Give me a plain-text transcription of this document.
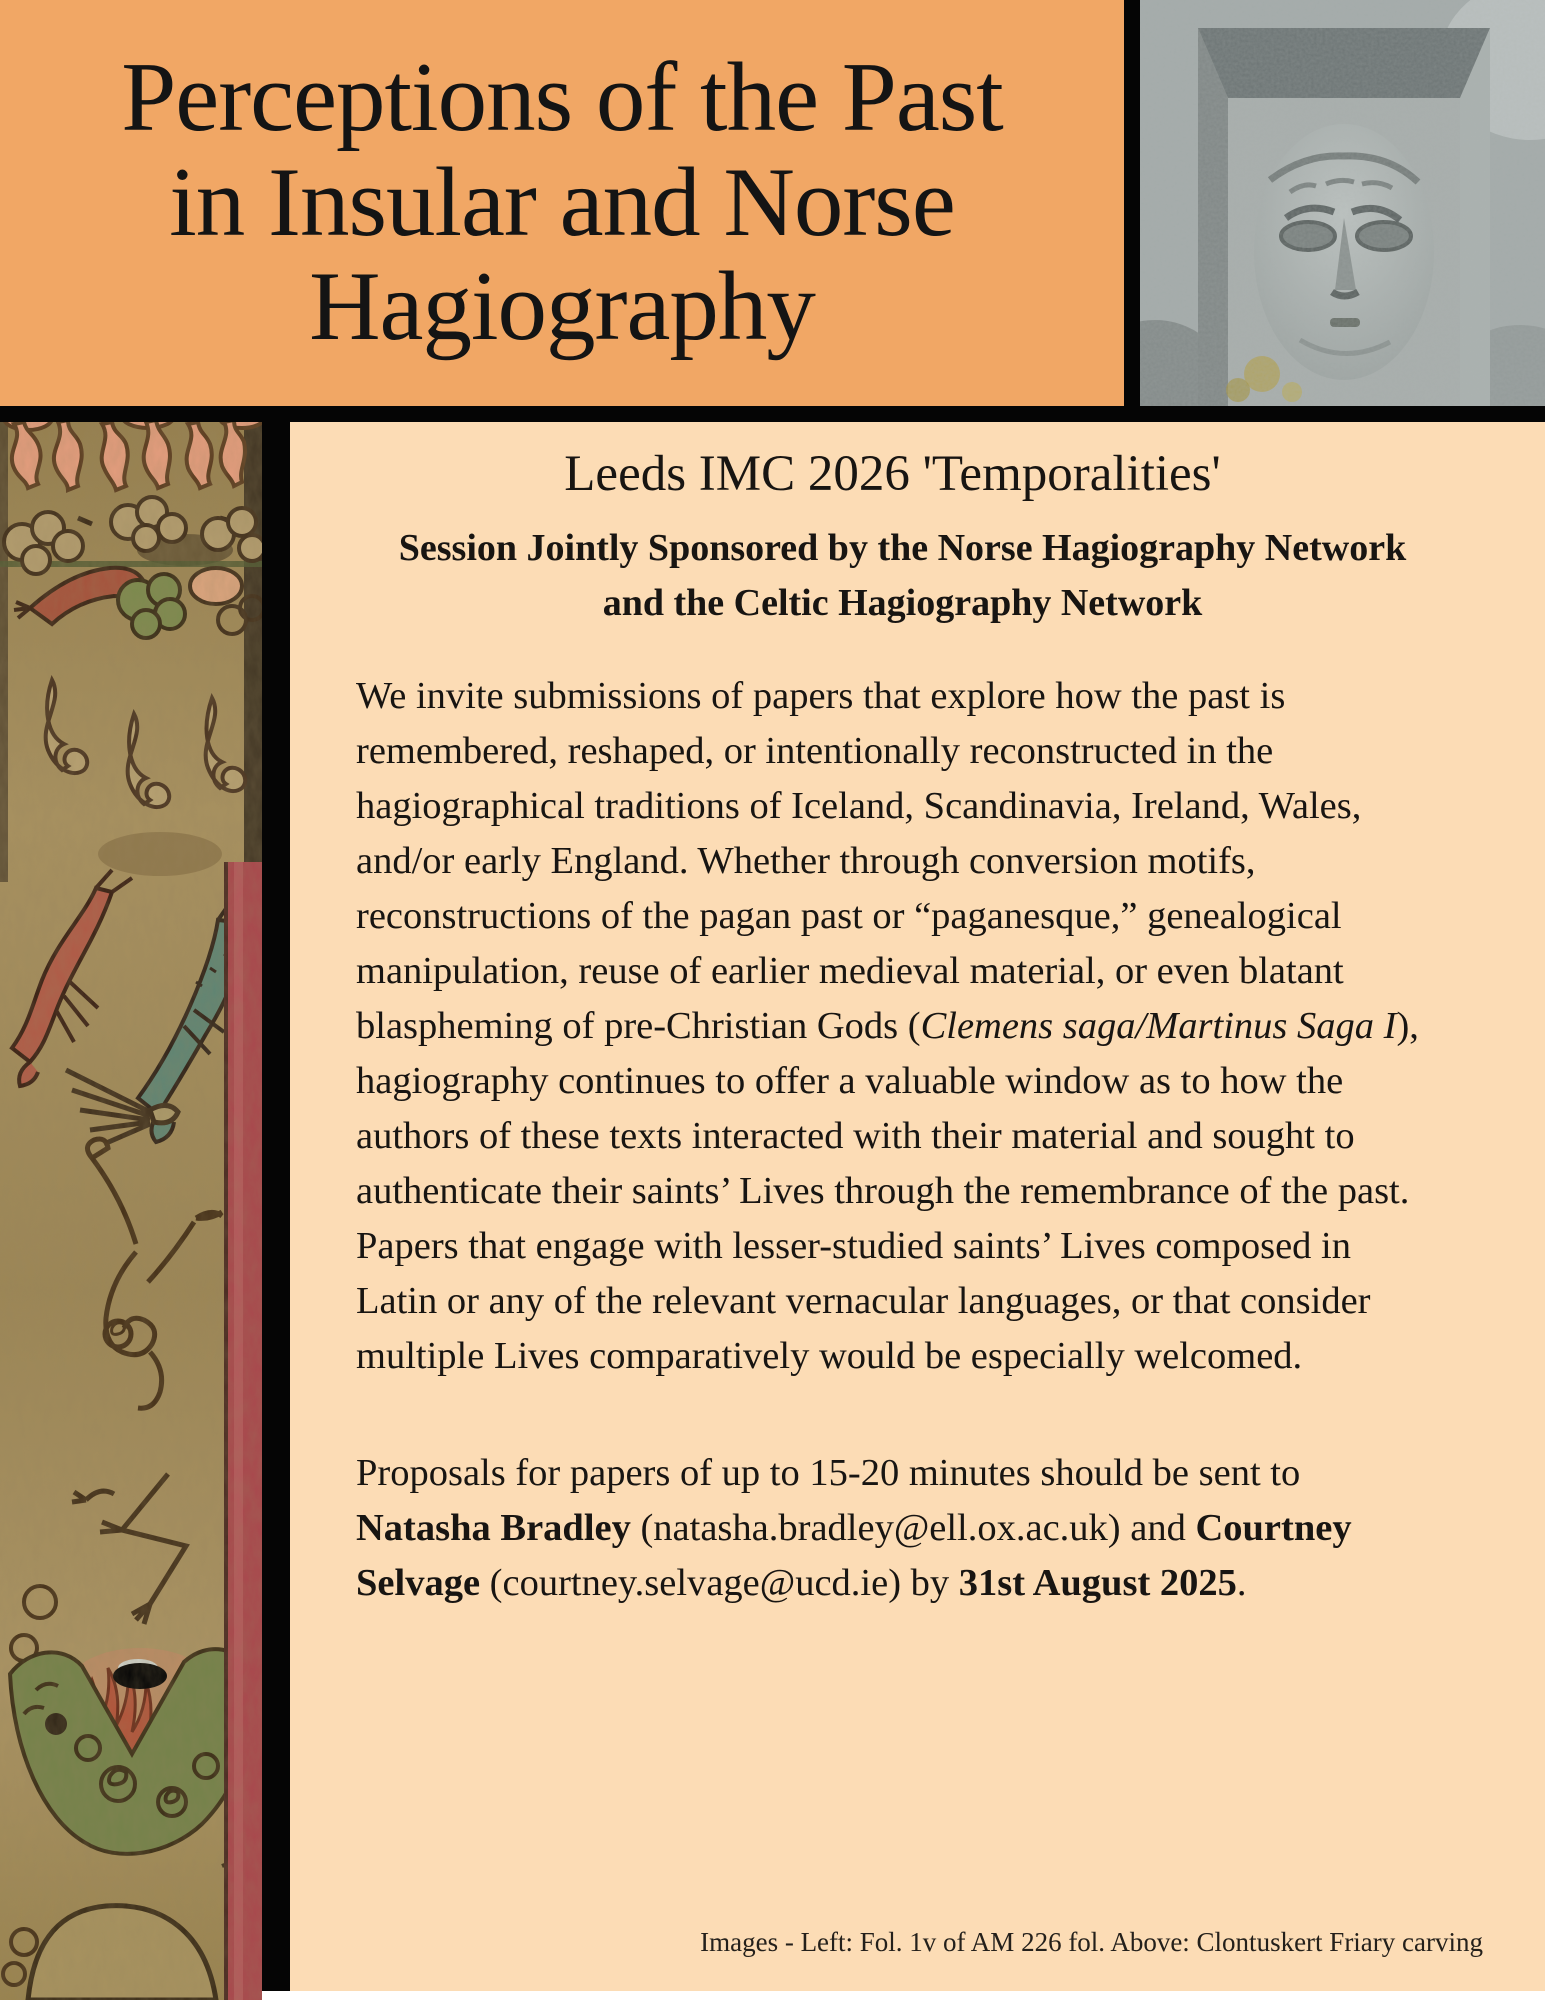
Perceptions of the Past
in Insular and Norse
Hagiography
Leeds IMC 2026 'Temporalities'
Session Jointly Sponsored by the Norse Hagiography Network
and the Celtic Hagiography Network

We invite submissions of papers that explore how the past is remembered, reshaped, or intentionally reconstructed in the hagiographical traditions of Iceland, Scandinavia, Ireland, Wales, and/or early England. Whether through conversion motifs, reconstructions of the pagan past or “paganesque,” genealogical manipulation, reuse of earlier medieval material, or even blatant blaspheming of pre-Christian Gods (Clemens saga/Martinus Saga I), hagiography continues to offer a valuable window as to how the authors of these texts interacted with their material and sought to authenticate their saints’ Lives through the remembrance of the past. Papers that engage with lesser-studied saints’ Lives composed in Latin or any of the relevant vernacular languages, or that consider multiple Lives comparatively would be especially welcomed.

Proposals for papers of up to 15-20 minutes should be sent to Natasha Bradley (natasha.bradley@ell.ox.ac.uk) and Courtney Selvage (courtney.selvage@ucd.ie) by 31st August 2025.

Images - Left: Fol. 1v of AM 226 fol. Above: Clontuskert Friary carving
